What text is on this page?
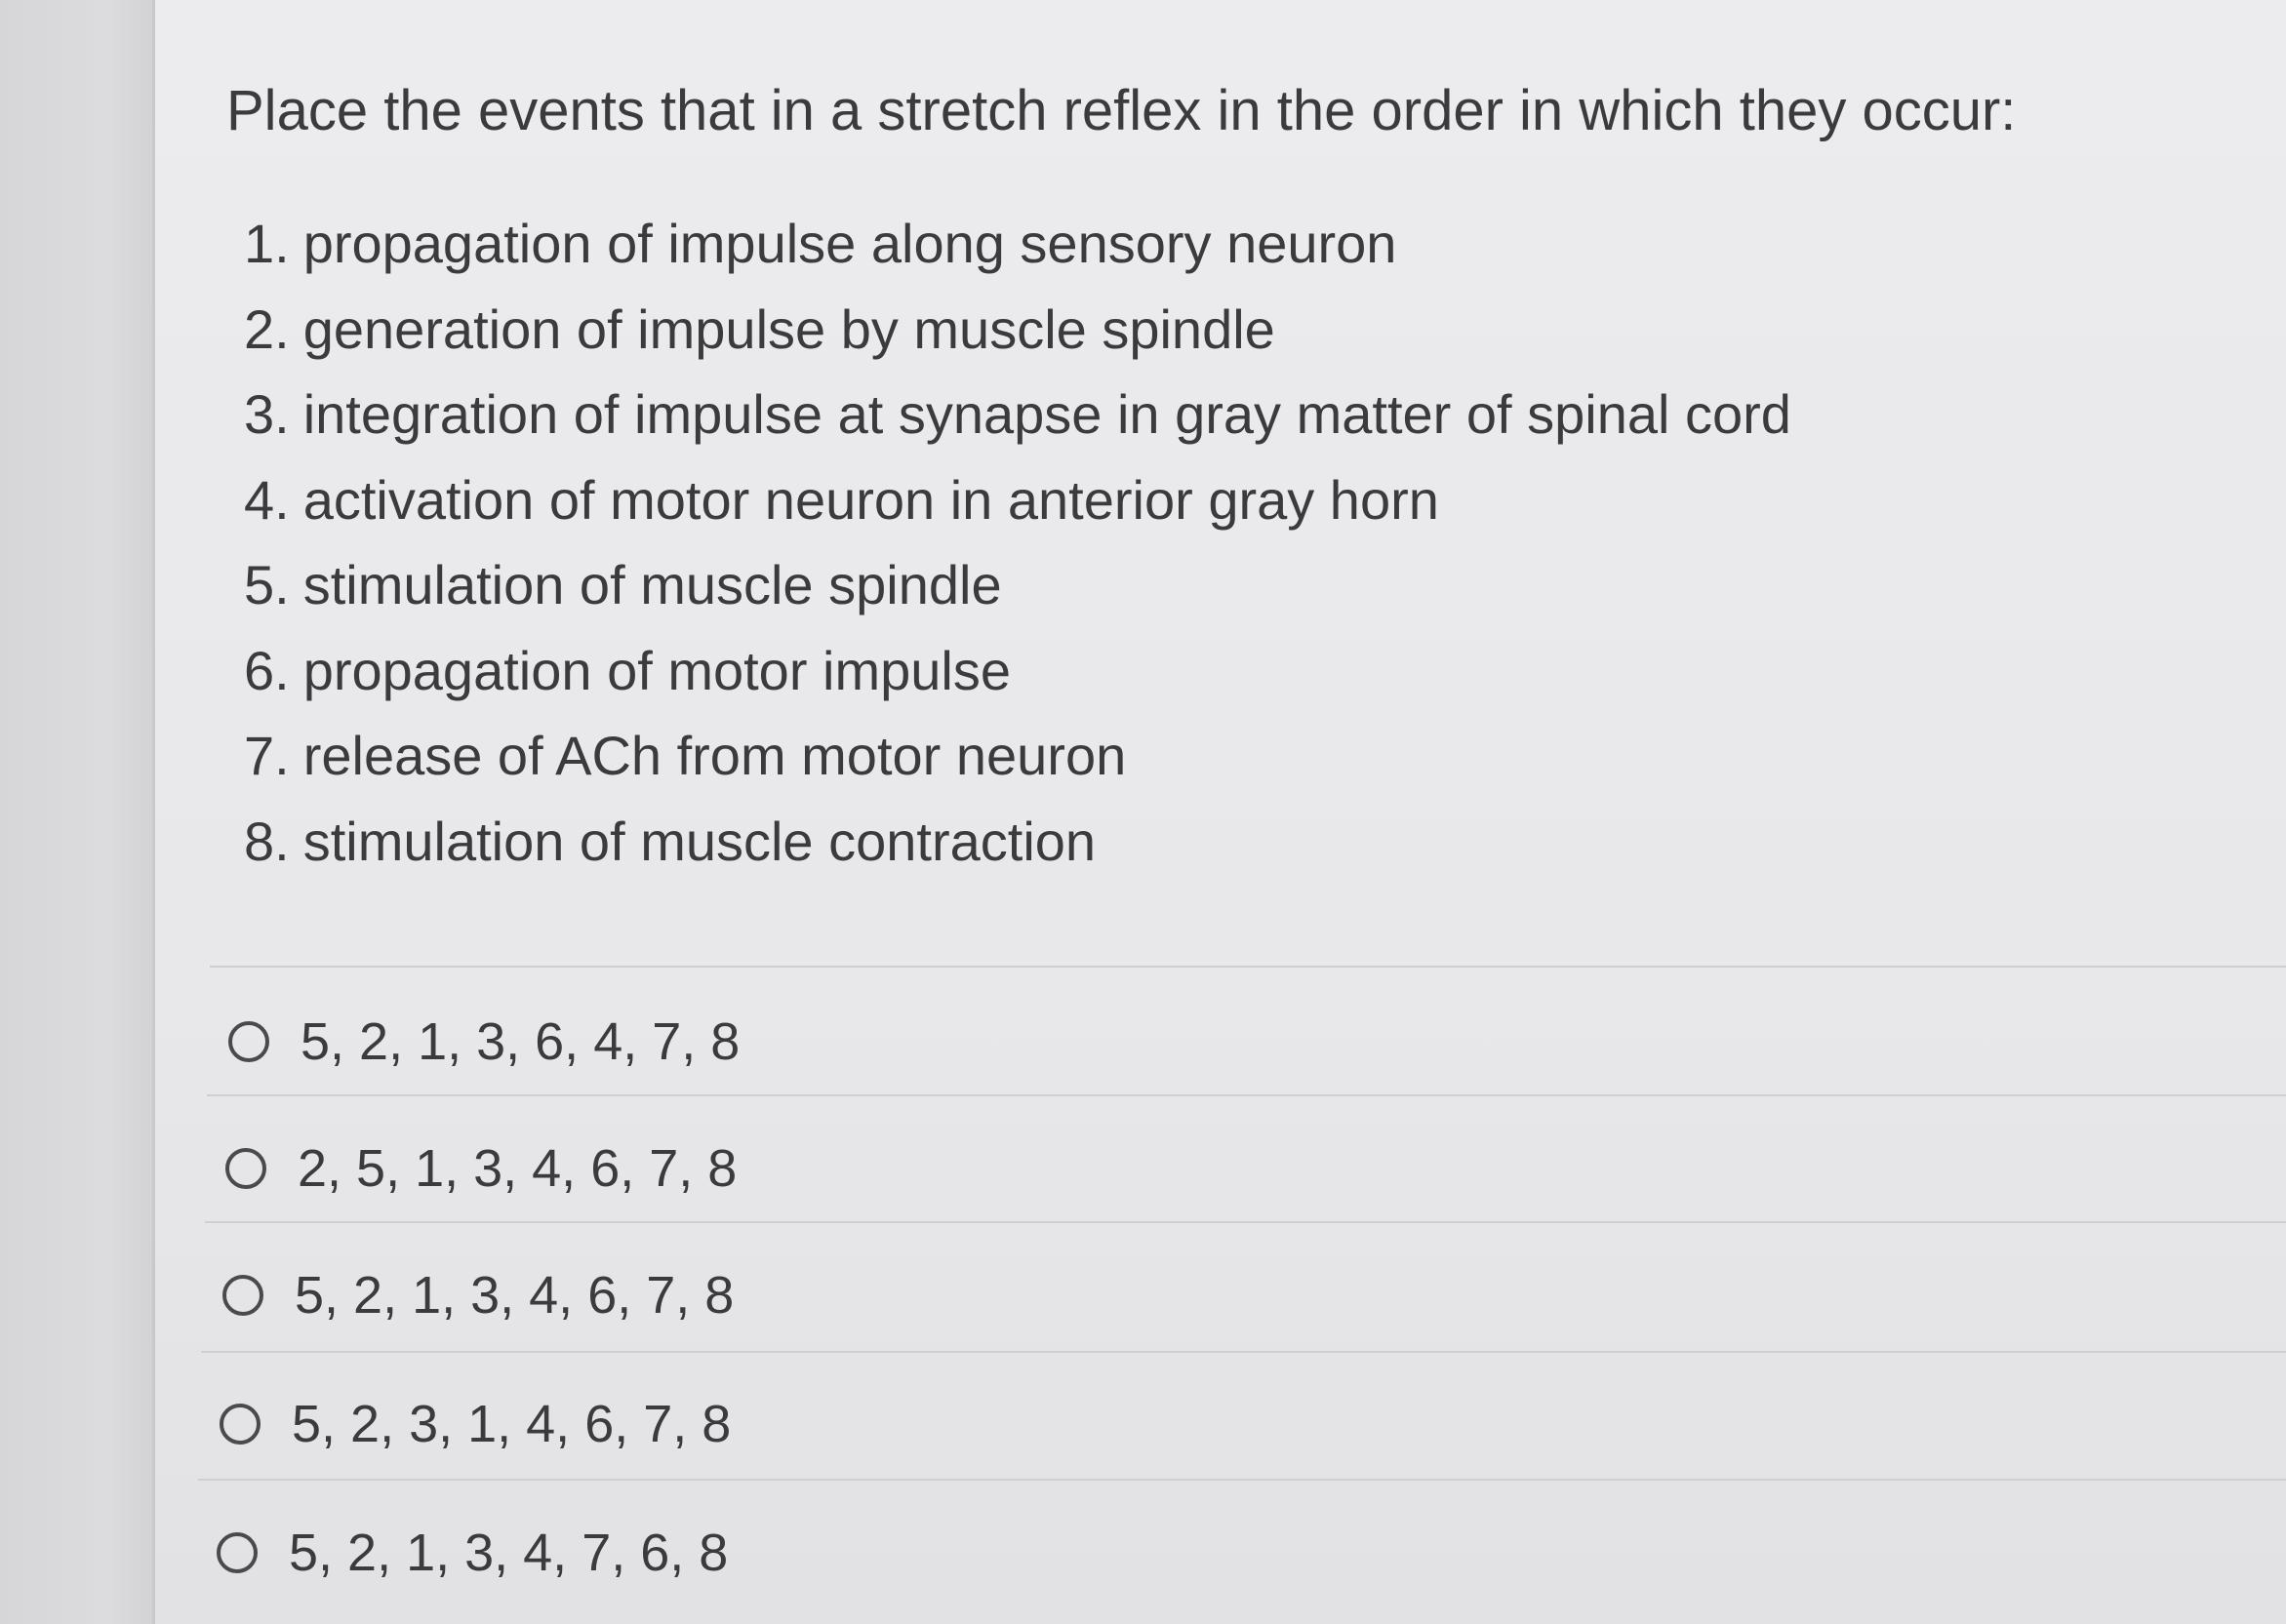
Place the events that in a stretch reflex in the order in which they occur:
1. propagation of impulse along sensory neuron
2. generation of impulse by muscle spindle
3. integration of impulse at synapse in gray matter of spinal cord
4. activation of motor neuron in anterior gray horn
5. stimulation of muscle spindle
6. propagation of motor impulse
7. release of ACh from motor neuron
8. stimulation of muscle contraction
5, 2, 1, 3, 6, 4, 7, 8
2, 5, 1, 3, 4, 6, 7, 8
5, 2, 1, 3, 4, 6, 7, 8
5, 2, 3, 1, 4, 6, 7, 8
5, 2, 1, 3, 4, 7, 6, 8
